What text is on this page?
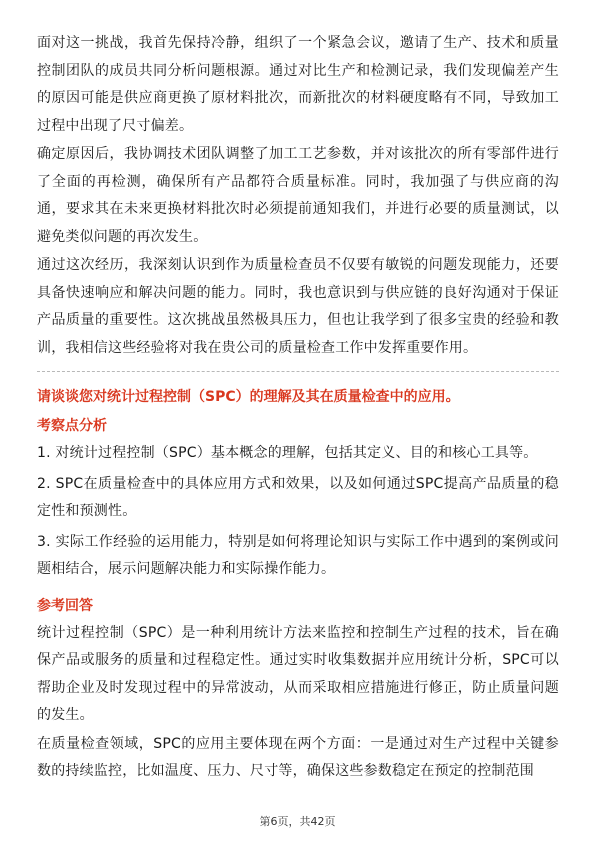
面对这一挑战，我首先保持冷静，组织了一个紧急会议，邀请了生产、技术和质量控制团队的成员共同分析问题根源。通过对比生产和检测记录，我们发现偏差产生的原因可能是供应商更换了原材料批次，而新批次的材料硬度略有不同，导致加工过程中出现了尺寸偏差。

确定原因后，我协调技术团队调整了加工工艺参数，并对该批次的所有零部件进行了全面的再检测，确保所有产品都符合质量标准。同时，我加强了与供应商的沟通，要求其在未来更换材料批次时必须提前通知我们，并进行必要的质量测试，以避免类似问题的再次发生。

通过这次经历，我深刻认识到作为质量检查员不仅要有敏锐的问题发现能力，还要具备快速响应和解决问题的能力。同时，我也意识到与供应链的良好沟通对于保证产品质量的重要性。这次挑战虽然极具压力，但也让我学到了很多宝贵的经验和教训，我相信这些经验将对我在贵公司的质量检查工作中发挥重要作用。

请谈谈您对统计过程控制（SPC）的理解及其在质量检查中的应用。
考察点分析

1. 对统计过程控制（SPC）基本概念的理解，包括其定义、目的和核心工具等。

2. SPC在质量检查中的具体应用方式和效果，以及如何通过SPC提高产品质量的稳定性和预测性。

3. 实际工作经验的运用能力，特别是如何将理论知识与实际工作中遇到的案例或问题相结合，展示问题解决能力和实际操作能力。

参考回答

统计过程控制（SPC）是一种利用统计方法来监控和控制生产过程的技术，旨在确保产品或服务的质量和过程稳定性。通过实时收集数据并应用统计分析，SPC可以帮助企业及时发现过程中的异常波动，从而采取相应措施进行修正，防止质量问题的发生。

在质量检查领域，SPC的应用主要体现在两个方面：一是通过对生产过程中关键参数的持续监控，比如温度、压力、尺寸等，确保这些参数稳定在预定的控制范围

第6页，共42页
